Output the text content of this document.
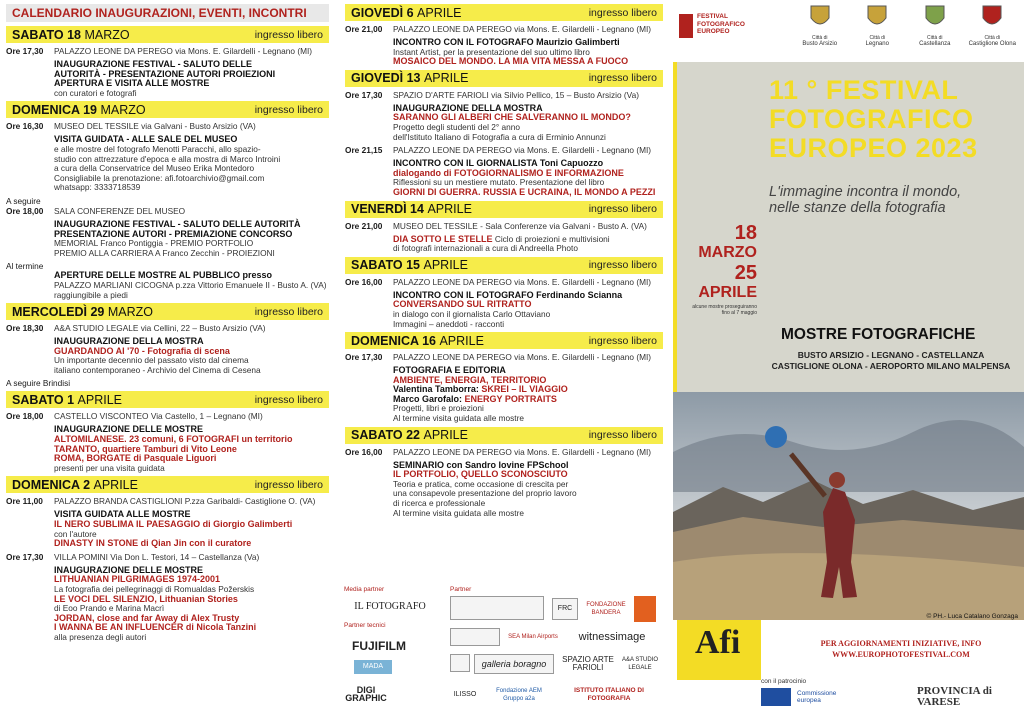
CALENDARIO INAUGURAZIONI, EVENTI, INCONTRI
SABATO 18 MARZO	ingresso libero
Ore 17,30	PALAZZO LEONE DA PEREGO via Mons. E. Gilardelli - Legnano (MI)
INAUGURAZIONE FESTIVAL - SALUTO DELLE
AUTORITÀ - PRESENTAZIONE AUTORI PROIEZIONI
APERTURA E VISITA ALLE MOSTRE
con curatori e fotografi
DOMENICA 19 MARZO	ingresso libero
Ore 16,30	MUSEO DEL TESSILE via Galvani - Busto Arsizio (VA)
VISITA GUIDATA - ALLE SALE DEL MUSEO
e alle mostre del fotografo Menotti Paracchi, allo spazio-
studio con attrezzature d'epoca e alla mostra di Marco Introini
a cura della Conservatrice del Museo Erika Montedoro
Consigliabile la prenotazione: afi.fotoarchivio@gmail.com
whatsapp: 3333718539
A seguire
Ore 18,00	SALA CONFERENZE DEL MUSEO
INAUGURAZIONE FESTIVAL - SALUTO DELLE AUTORITÀ
PRESENTAZIONE AUTORI - PREMIAZIONE CONCORSO
MEMORIAL Franco Pontiggia - PREMIO PORTFOLIO
PREMIO ALLA CARRIERA A Franco Zecchin - PROIEZIONI
Al termine
APERTURE DELLE MOSTRE AL PUBBLICO presso
PALAZZO MARLIANI CICOGNA p.zza Vittorio Emanuele II - Busto A. (VA)
raggiungibile a piedi
MERCOLEDÌ 29 MARZO	ingresso libero
Ore 18,30	A&A STUDIO LEGALE via Cellini, 22 – Busto Arsizio (VA)
INAUGURAZIONE DELLA MOSTRA
GUARDANDO AI '70 - Fotografia di scena
Un importante decennio del passato visto dal cinema
italiano contemporaneo - Archivio del Cinema di Cesena
A seguire Brindisi
SABATO 1 APRILE	ingresso libero
Ore 18,00	CASTELLO VISCONTEO Via Castello, 1 – Legnano (MI)
INAUGURAZIONE DELLE MOSTRE
ALTOMILANESE. 23 comuni, 6 FOTOGRAFI un territorio
TARANTO, quartiere Tamburi di Vito Leone
ROMA, BORGATE di Pasquale Liguori
presenti per una visita guidata
DOMENICA 2 APRILE	ingresso libero
Ore 11,00	PALAZZO BRANDA CASTIGLIONI P.zza Garibaldi- Castiglione O. (VA)
VISITA GUIDATA ALLE MOSTRE
IL NERO SUBLIMA IL PAESAGGIO di Giorgio Galimberti
con l'autore
DINASTY IN STONE di Qian Jin con il curatore
Ore 17,30	VILLA POMINI Via Don L. Testori, 14 – Castellanza (Va)
INAUGURAZIONE DELLE MOSTRE
LITHUANIAN PILGRIMAGES 1974-2001
La fotografia dei pellegrinaggi di Romualdas Požerskis
LE VOCI DEL SILENZIO, Lithuanian Stories
di Eoo Prando e Marina Macrì
JORDAN, close and far Away di Alex Trusty
I WANNA BE AN INFLUENCER di Nicola Tanzini
alla presenza degli autori
GIOVEDÌ 6 APRILE	ingresso libero
Ore 21,00	PALAZZO LEONE DA PEREGO via Mons. E. Gilardelli - Legnano (MI)
INCONTRO CON IL FOTOGRAFO Maurizio Galimberti
Instant Artist, per la presentazione del suo ultimo libro
MOSAICO DEL MONDO. LA MIA VITA MESSA A FUOCO
GIOVEDÌ 13 APRILE	ingresso libero
Ore 17,30	SPAZIO D'ARTE FARIOLI via Silvio Pellico, 15 – Busto Arsizio (Va)
INAUGURAZIONE DELLA MOSTRA
SARANNO GLI ALBERI CHE SALVERANNO IL MONDO?
Progetto degli studenti del 2° anno
dell'Istituto Italiano di Fotografia a cura di Erminio Annunzi
Ore 21,15	PALAZZO LEONE DA PEREGO via Mons. E. Gilardelli - Legnano (MI)
INCONTRO CON IL GIORNALISTA Toni Capuozzo
dialogando di FOTOGIORNALISMO E INFORMAZIONE
Riflessioni su un mestiere mutato. Presentazione del libro
GIORNI DI GUERRA. RUSSIA E UCRAINA, IL MONDO A PEZZI
VENERDÌ 14 APRILE	ingresso libero
Ore 21,00	MUSEO DEL TESSILE - Sala Conferenze via Galvani - Busto A. (VA)
DIA SOTTO LE STELLE Ciclo di proiezioni e multivisioni
di fotografi internazionali a cura di Andreella Photo
SABATO 15 APRILE	ingresso libero
Ore 16,00	PALAZZO LEONE DA PEREGO via Mons. E. Gilardelli - Legnano (MI)
INCONTRO CON IL FOTOGRAFO Ferdinando Scianna
CONVERSANDO SUL RITRATTO
in dialogo con il giornalista Carlo Ottaviano
Immagini – aneddoti - racconti
DOMENICA 16 APRILE	ingresso libero
Ore 17,30	PALAZZO LEONE DA PEREGO via Mons. E. Gilardelli - Legnano (MI)
FOTOGRAFIA E EDITORIA
AMBIENTE, ENERGIA, TERRITORIO
Valentina Tamborra: SKREI – IL VIAGGIO
Marco Garofalo: ENERGY PORTRAITS
Progetti, libri e proiezioni
Al termine visita guidata alle mostre
SABATO 22 APRILE	ingresso libero
Ore 16,00	PALAZZO LEONE DA PEREGO via Mons. E. Gilardelli - Legnano (MI)
SEMINARIO con Sandro Iovine FPSchool
IL PORTFOLIO, QUELLO SCONOSCIUTO
Teoria e pratica, come occasione di crescita per
una consapevole presentazione del proprio lavoro
di ricerca e professionale
Al termine visita guidata alle mostre
Media partner
IL FOTOGRAFO
Partner tecnici
FUJIFILM
MADA
DIGI GRAPHIC
Partner
FRC	FONDAZIONE BANDERA
SEA Milan Airports	witnessimage
galleria boragno	SPAZIO ARTE FARIOLI
A&A STUDIO LEGALE
ILISSO	Fondazione AEM Gruppo a2a
ISTITUTO ITALIANO DI FOTOGRAFIA
FESTIVAL FOTOGRAFICO EUROPEO
Città di
Busto Arsizio
Città di
Legnano
Città di
Castellanza
Città di
Castiglione Olona
11 ° FESTIVAL
FOTOGRAFICO
EUROPEO 2023
L'immagine incontra il mondo,
nelle stanze della fotografia
18
MARZO
25
APRILE
alcune mostre proseguiranno fino al 7 maggio
MOSTRE FOTOGRAFICHE
BUSTO ARSIZIO - LEGNANO - CASTELLANZA
CASTIGLIONE OLONA - AEROPORTO MILANO MALPENSA
© PH.- Luca Catalano Gonzaga
Afi	PER AGGIORNAMENTI INIZIATIVE, INFO
WWW.EUROPHOTOFESTIVAL.COM
con il patrocinio
Commissione europea
PROVINCIA di VARESE
